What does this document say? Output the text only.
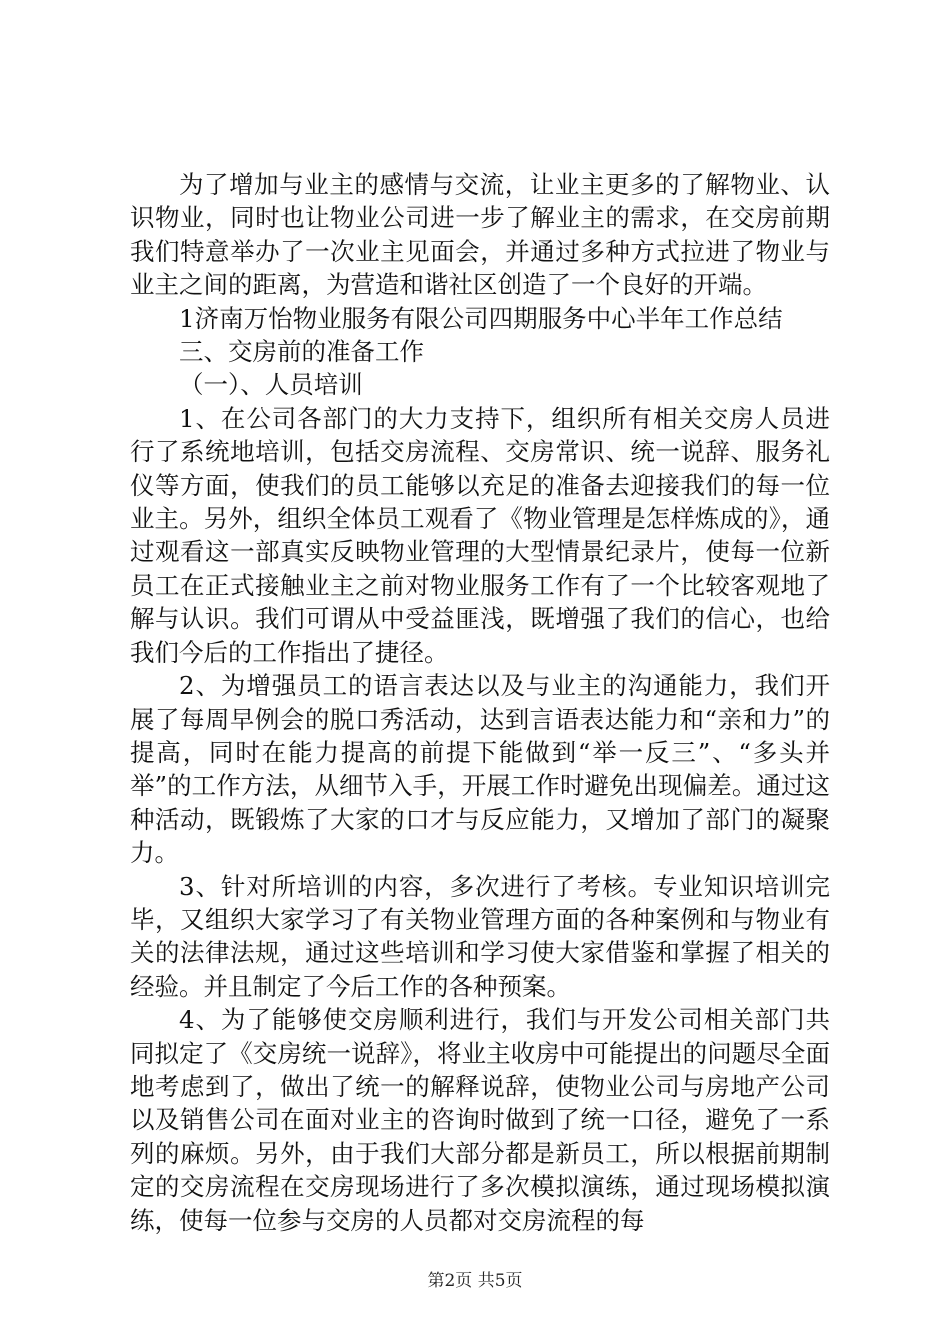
为了增加与业主的感情与交流，让业主更多的了解物业、认识物业，同时也让物业公司进一步了解业主的需求，在交房前期我们特意举办了一次业主见面会，并通过多种方式拉进了物业与业主之间的距离，为营造和谐社区创造了一个良好的开端。

1济南万怡物业服务有限公司四期服务中心半年工作总结

三、交房前的准备工作

（一）、人员培训

1、在公司各部门的大力支持下，组织所有相关交房人员进行了系统地培训，包括交房流程、交房常识、统一说辞、服务礼仪等方面，使我们的员工能够以充足的准备去迎接我们的每一位业主。另外，组织全体员工观看了《物业管理是怎样炼成的》，通过观看这一部真实反映物业管理的大型情景纪录片，使每一位新员工在正式接触业主之前对物业服务工作有了一个比较客观地了解与认识。我们可谓从中受益匪浅，既增强了我们的信心，也给我们今后的工作指出了捷径。

2、为增强员工的语言表达以及与业主的沟通能力，我们开展了每周早例会的脱口秀活动，达到言语表达能力和“亲和力”的提高，同时在能力提高的前提下能做到“举一反三”、“多头并举”的工作方法，从细节入手，开展工作时避免出现偏差。通过这种活动，既锻炼了大家的口才与反应能力，又增加了部门的凝聚力。

3、针对所培训的内容，多次进行了考核。专业知识培训完毕，又组织大家学习了有关物业管理方面的各种案例和与物业有关的法律法规，通过这些培训和学习使大家借鉴和掌握了相关的经验。并且制定了今后工作的各种预案。

4、为了能够使交房顺利进行，我们与开发公司相关部门共同拟定了《交房统一说辞》，将业主收房中可能提出的问题尽全面地考虑到了，做出了统一的解释说辞，使物业公司与房地产公司以及销售公司在面对业主的咨询时做到了统一口径，避免了一系列的麻烦。另外，由于我们大部分都是新员工，所以根据前期制定的交房流程在交房现场进行了多次模拟演练，通过现场模拟演练，使每一位参与交房的人员都对交房流程的每

第2页 共5页
